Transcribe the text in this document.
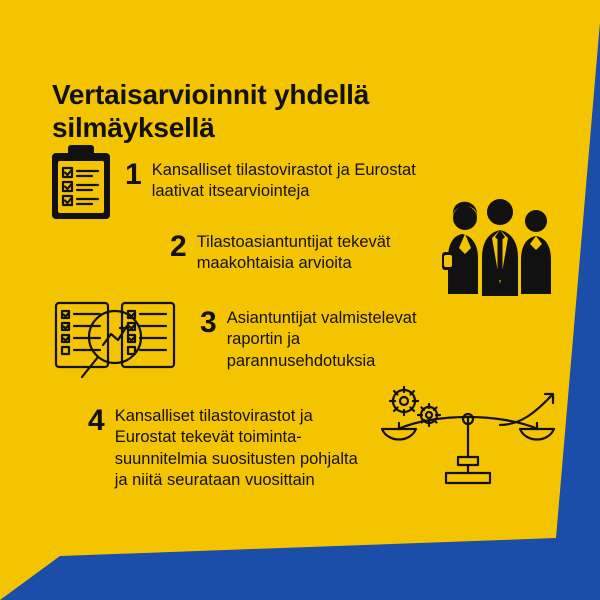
Vertaisarvioinnit yhdellä silmäyksellä
1 Kansalliset tilastovirastot ja Eurostat laativat itsearviointeja
2 Tilastoasiantuntijat tekevät maakohtaisia arvioita
3 Asiantuntijat valmistelevat raportin ja parannusehdotuksia
4 Kansalliset tilastovirastot ja Eurostat tekevät toiminta-suunnitelmia suositusten pohjalta ja niitä seurataan vuosittain
